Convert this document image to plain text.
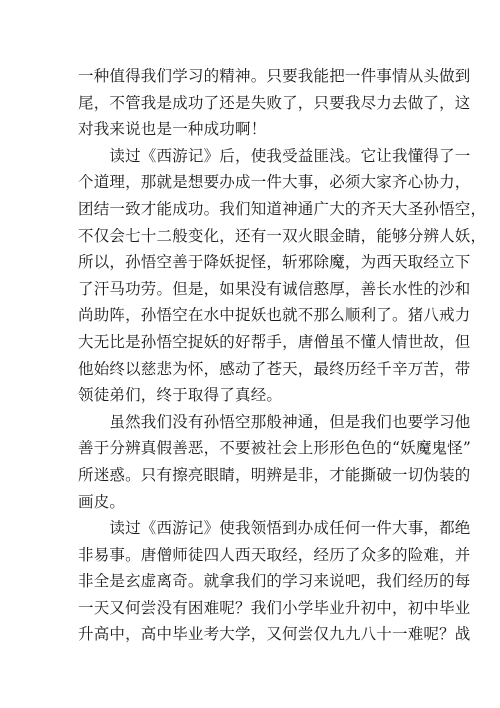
一种值得我们学习的精神。只要我能把一件事情从头做到
尾，不管我是成功了还是失败了，只要我尽力去做了，这
对我来说也是一种成功啊！
　　读过《西游记》后，使我受益匪浅。它让我懂得了一
个道理，那就是想要办成一件大事，必须大家齐心协力，
团结一致才能成功。我们知道神通广大的齐天大圣孙悟空，
不仅会七十二般变化，还有一双火眼金睛，能够分辨人妖，
所以，孙悟空善于降妖捉怪，斩邪除魔，为西天取经立下
了汗马功劳。但是，如果没有诚信憨厚，善长水性的沙和
尚助阵，孙悟空在水中捉妖也就不那么顺利了。猪八戒力
大无比是孙悟空捉妖的好帮手，唐僧虽不懂人情世故，但
他始终以慈悲为怀，感动了苍天，最终历经千辛万苦，带
领徒弟们，终于取得了真经。
　　虽然我们没有孙悟空那般神通，但是我们也要学习他
善于分辨真假善恶，不要被社会上形形色色的“妖魔鬼怪”
所迷惑。只有擦亮眼睛，明辨是非，才能撕破一切伪装的
画皮。
　　读过《西游记》使我领悟到办成任何一件大事，都绝
非易事。唐僧师徒四人西天取经，经历了众多的险难，并
非全是玄虚离奇。就拿我们的学习来说吧，我们经历的每
一天又何尝没有困难呢？我们小学毕业升初中，初中毕业
升高中，高中毕业考大学，又何尝仅九九八十一难呢？战
